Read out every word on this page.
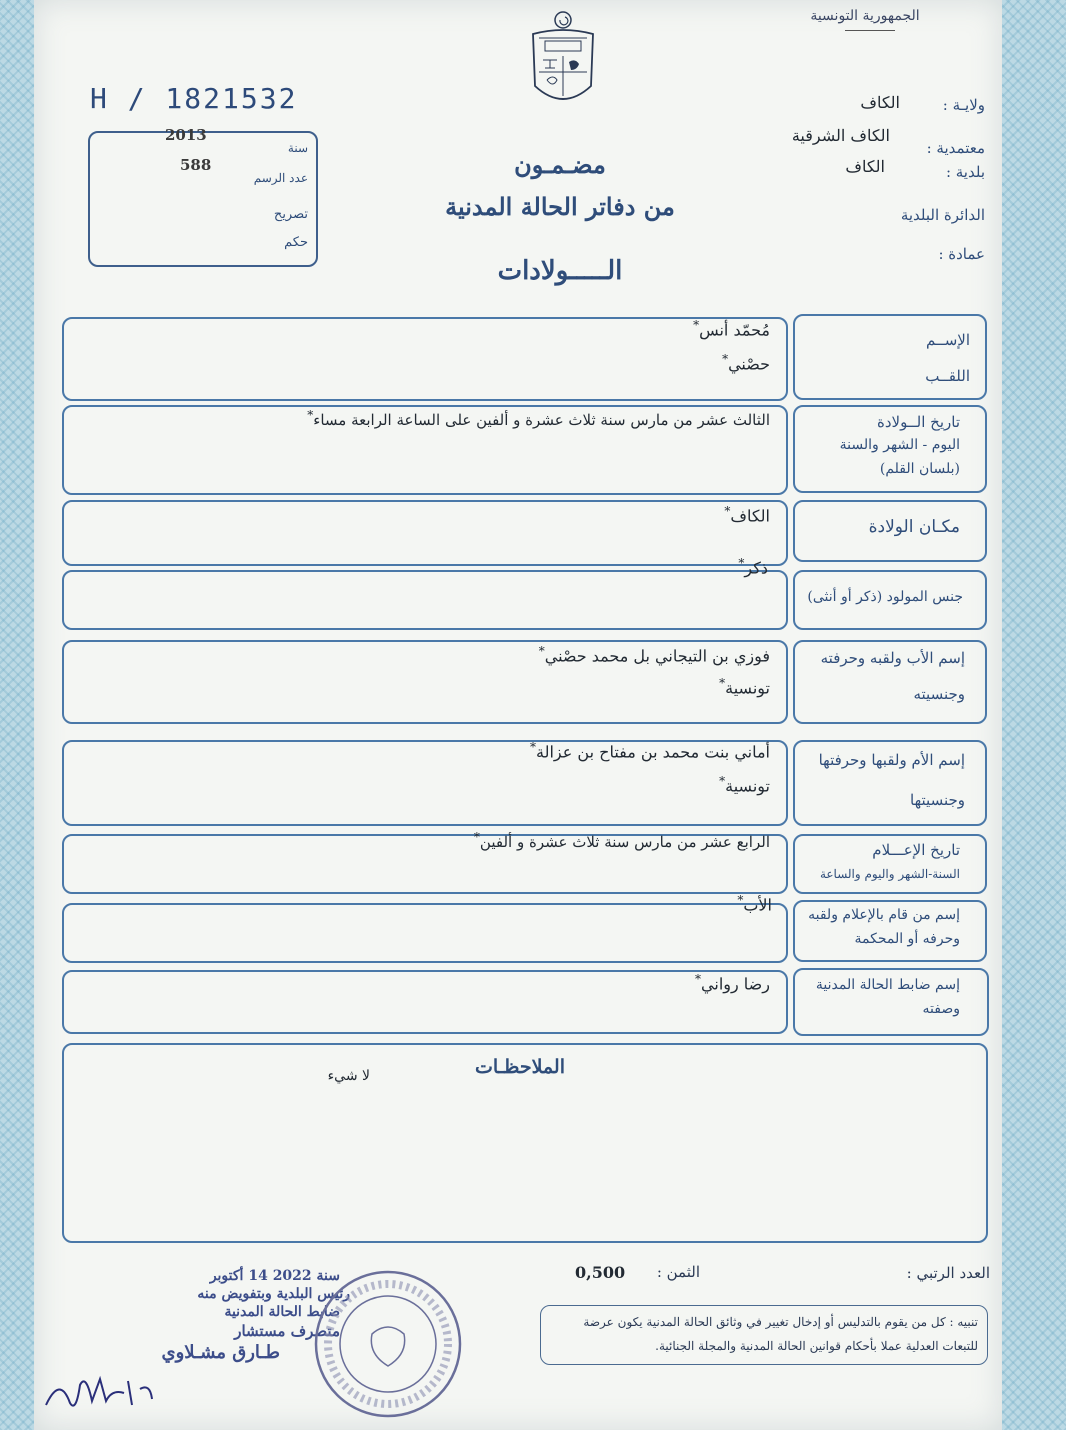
الجمهورية التونسية
H / 1821532	ولايـة :
الكاف
معتمدية :
الكاف الشرقية
بلدية :
الكاف
الدائرة البلدية
عمادة :
مضـمـون
من دفاتر الحالة المدنية
الـــــولادات
سنة
2013
عدد الرسم
588
تصريح
حكم
الإســم
اللقــب
مُحمّد أنس *
حصْني *
تاريخ الــولادة
اليوم - الشهر والسنة
(بلسان القلم)
الثالث عشر من مارس سنة ثلاث عشرة و ألفين على الساعة الرابعة مساء *
مكـان الولادة
الكاف *
جنس المولود (ذكر أو أنثى)
ذكر *
إسم الأب ولقبه وحرفته
وجنسيته
فوزي بن التيجاني بل محمد حصْني *
تونسية *
إسم الأم ولقبها وحرفتها
وجنسيتها
أماني بنت محمد بن مفتاح بن عزالة *
تونسية *
تاريخ الإعـــلام
السنة-الشهر واليوم والساعة
الرابع عشر من مارس سنة ثلاث عشرة و ألفين *
إسم من قام بالإعلام ولقبه
وحرفه أو المحكمة
الأب *
إسم ضابط الحالة المدنية
وصفته
رضا رواني *
الملاحظـات
لا شيء
العدد الرتبي :
الثمن :
0,500
تنبيه : كل من يقوم بالتدليس أو إدخال تغيير في وثائق الحالة المدنية يكون عرضة
للتبعات العدلية عملا بأحكام قوانين الحالة المدنية والمجلة الجنائية.
سنة 2022 14 أكتوبر
رئيس البلدية وبتفويض منه
ضابط الحالة المدنية
متصرف مستشار
طـارق مشـلاوي
